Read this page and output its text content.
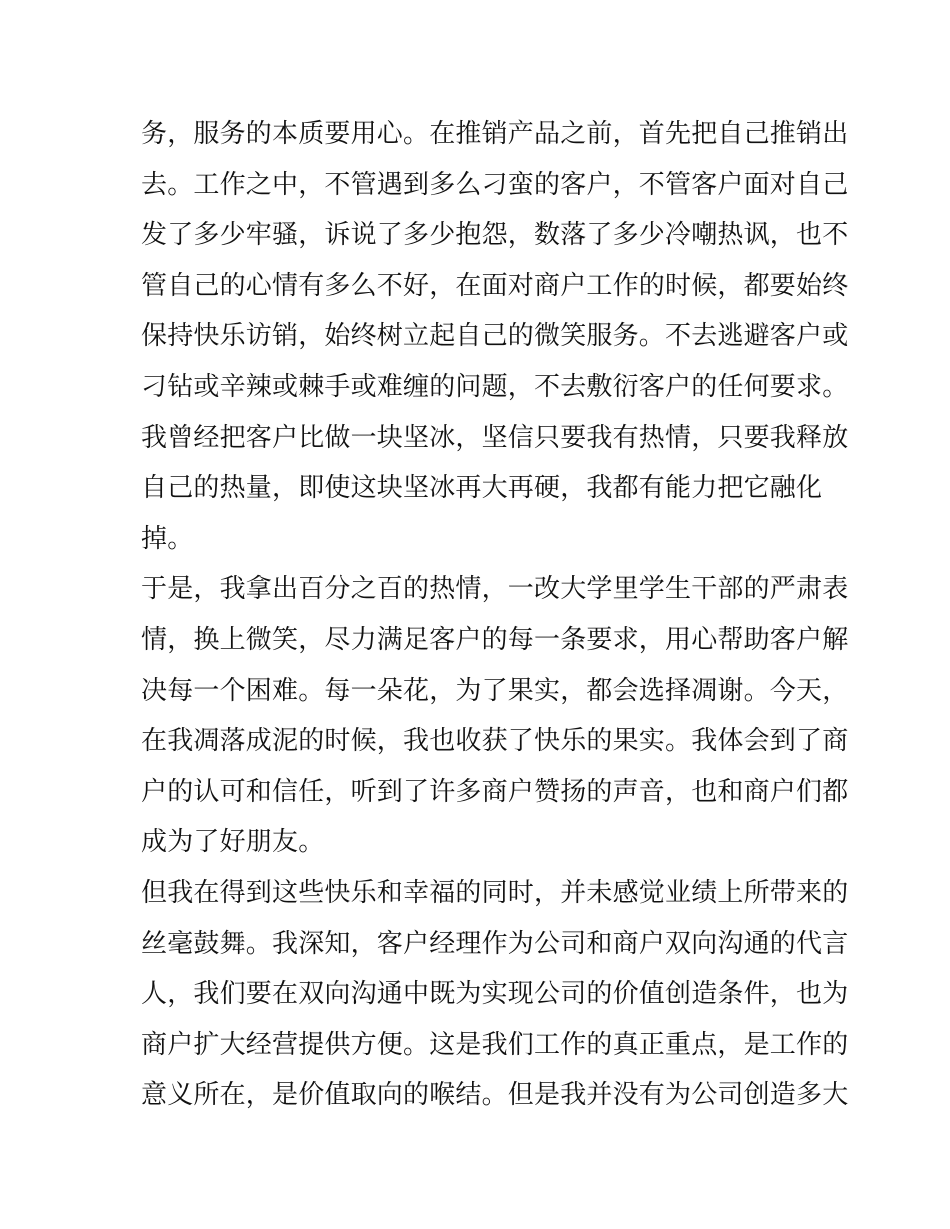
务，服务的本质要用心。在推销产品之前，首先把自己推销出
去。工作之中，不管遇到多么刁蛮的客户，不管客户面对自己
发了多少牢骚，诉说了多少抱怨，数落了多少冷嘲热讽，也不
管自己的心情有多么不好，在面对商户工作的时候，都要始终
保持快乐访销，始终树立起自己的微笑服务。不去逃避客户或
刁钻或辛辣或棘手或难缠的问题，不去敷衍客户的任何要求。
我曾经把客户比做一块坚冰，坚信只要我有热情，只要我释放
自己的热量，即使这块坚冰再大再硬，我都有能力把它融化
掉。
于是，我拿出百分之百的热情，一改大学里学生干部的严肃表
情，换上微笑，尽力满足客户的每一条要求，用心帮助客户解
决每一个困难。每一朵花，为了果实，都会选择凋谢。今天，
在我凋落成泥的时候，我也收获了快乐的果实。我体会到了商
户的认可和信任，听到了许多商户赞扬的声音，也和商户们都
成为了好朋友。
但我在得到这些快乐和幸福的同时，并未感觉业绩上所带来的
丝毫鼓舞。我深知，客户经理作为公司和商户双向沟通的代言
人，我们要在双向沟通中既为实现公司的价值创造条件，也为
商户扩大经营提供方便。这是我们工作的真正重点，是工作的
意义所在，是价值取向的喉结。但是我并没有为公司创造多大
